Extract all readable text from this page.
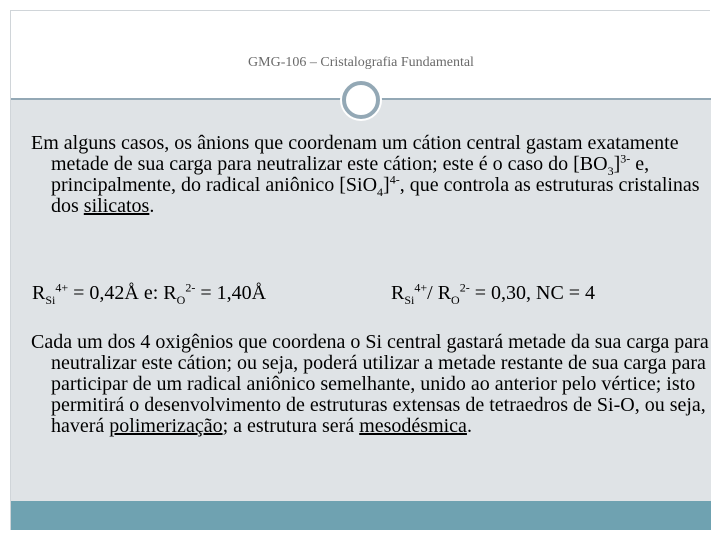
GMG-106 – Cristalografia Fundamental

Em alguns casos, os ânions que coordenam um cátion central gastam exatamente metade de sua carga para neutralizar este cátion; este é o caso do $[BO_3]^{3-}$ e, principalmente, do radical aniônico $[SiO_4]^{4-}$, que controla as estruturas cristalinas dos silicatos.

$R_{Si}^{4+}$ = 0,42Å e: $R_O^{2-}$ = 1,40Å	$R_{Si}^{4+}/$ $R_O^{2-} = 0,30$, NC = 4

Cada um dos 4 oxigênios que coordena o Si central gastará metade da sua carga para neutralizar este cátion; ou seja, poderá utilizar a metade restante de sua carga para participar de um radical aniônico semelhante, unido ao anterior pelo vértice; isto permitirá o desenvolvimento de estruturas extensas de tetraedros de Si-O, ou seja, haverá polimerização; a estrutura será mesodésmica.
